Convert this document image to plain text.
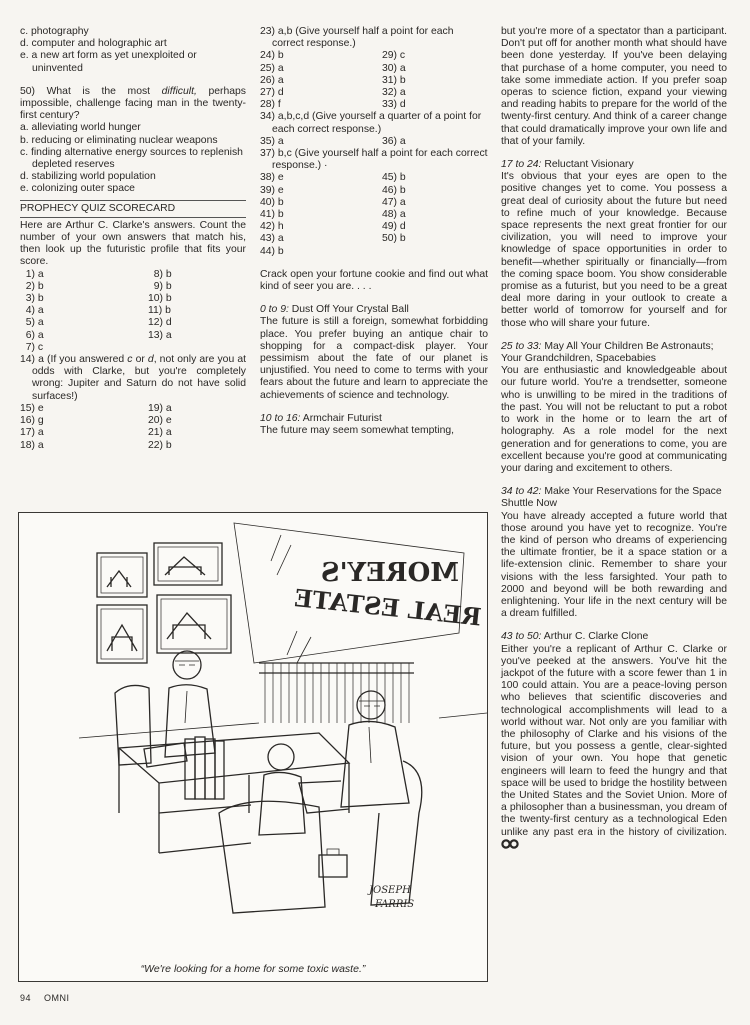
c. photography

d. computer and holographic art

e. a new art form as yet unexploited or uninvented

50) What is the most difficult, perhaps impossible, challenge facing man in the twenty-first century?

a. alleviating world hunger

b. reducing or eliminating nuclear weapons

c. finding alternative energy sources to replenish depleted reserves

d. stabilizing world population

e. colonizing outer space

PROPHECY QUIZ SCORECARD

Here are Arthur C. Clarke's answers. Count the number of your own answers that match his, then look up the futuristic profile that fits your score.

1) a	8) b
2) b	9) b
3) b	10) b
4) a	11) b
5) a	12) d
6) a	13) a
7) c

14) a (If you answered c or d, not only are you at odds with Clarke, but you're completely wrong: Jupiter and Saturn do not have solid surfaces!)

15) e	19) a
16) g	20) e
17) a	21) a
18) a	22) b

23) a,b (Give yourself half a point for each correct response.)

24) b	29) c
25) a	30) a
26) a	31) b
27) d	32) a
28) f	33) d

34) a,b,c,d (Give yourself a quarter of a point for each correct response.)

35) a	36) a

37) b,c (Give yourself half a point for each correct response.) ·

38) e	45) b
39) e	46) b
40) b	47) a
41) b	48) a
42) h	49) d
43) a	50) b
44) b

Crack open your fortune cookie and find out what kind of seer you are. . . .

0 to 9: Dust Off Your Crystal Ball

The future is still a foreign, somewhat forbidding place. You prefer buying an antique chair to shopping for a compact-disk player. Your pessimism about the fate of our planet is unjustified. You need to come to terms with your fears about the future and learn to appreciate the achievements of science and technology.

10 to 16: Armchair Futurist

The future may seem somewhat tempting,

but you're more of a spectator than a participant. Don't put off for another month what should have been done yesterday. If you've been delaying that purchase of a home computer, you need to take some immediate action. If you prefer soap operas to science fiction, expand your viewing and reading habits to prepare for the world of the twenty-first century. And think of a career change that could dramatically improve your own life and that of your family.

17 to 24: Reluctant Visionary

It's obvious that your eyes are open to the positive changes yet to come. You possess a great deal of curiosity about the future but need to refine much of your knowledge. Because space represents the next great frontier for our civilization, you will need to improve your knowledge of space opportunities in order to benefit—whether spiritually or financially—from the coming space boom. You show considerable promise as a futurist, but you need to be a great deal more daring in your outlook to create a better world of tomorrow for yourself and for those who will share your future.

25 to 33: May All Your Children Be Astronauts; Your Grandchildren, Spacebabies

You are enthusiastic and knowledgeable about our future world. You're a trendsetter, someone who is unwilling to be mired in the traditions of the past. You will not be reluctant to put a robot to work in the home or to learn the art of holography. As a role model for the next generation and for generations to come, you are excellent because you're good at communicating your daring and excitement to others.

34 to 42: Make Your Reservations for the Space Shuttle Now

You have already accepted a future world that those around you have yet to recognize. You're the kind of person who dreams of experiencing the ultimate frontier, be it a space station or a life-extension clinic. Remember to share your visions with the less farsighted. Your path to 2000 and beyond will be both rewarding and enlightening. Your life in the next century will be a dream fulfilled.

43 to 50: Arthur C. Clarke Clone

Either you're a replicant of Arthur C. Clarke or you've peeked at the answers. You've hit the jackpot of the future with a score fewer than 1 in 100 could attain. You are a peace-loving person who believes that scientific discoveries and technological accomplishments will lead to a world without war. Not only are you familiar with the philosophy of Clarke and his visions of the future, but you possess a gentle, clear-sighted vision of your own. You hope that genetic engineers will learn to feed the hungry and that space will be used to bridge the hostility between the United States and the Soviet Union. More of a philosopher than a businessman, you dream of the twenty-first century as a technological Eden unlike any past era in the history of civilization.

MOREY'S
REAL ESTATE
JOSEPH
FARRIS
“We're looking for a home for some toxic waste.”
94 OMNI
